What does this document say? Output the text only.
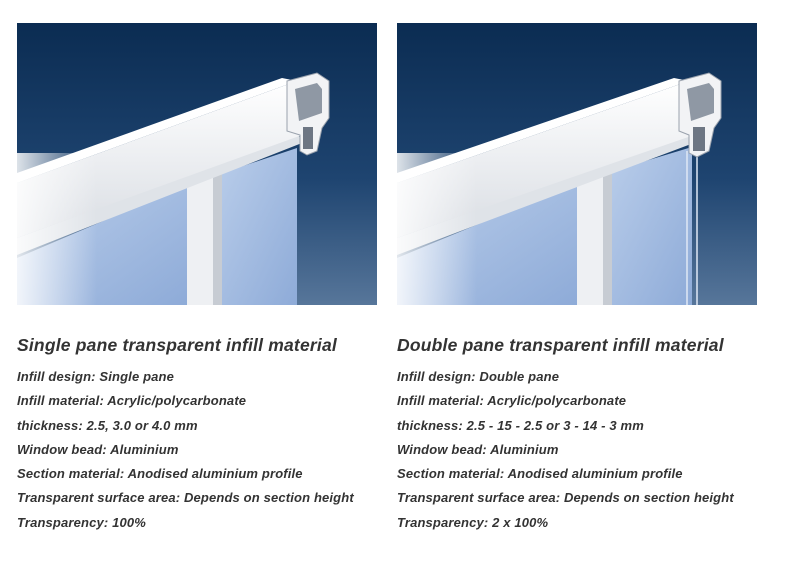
Single pane transparent infill material
Infill design: Single pane
Infill material: Acrylic/polycarbonate
thickness: 2.5, 3.0 or 4.0 mm
Window bead: Aluminium
Section material: Anodised aluminium profile
Transparent surface area: Depends on section height
Transparency: 100%
Double pane transparent infill material
Infill design: Double pane
Infill material: Acrylic/polycarbonate
thickness: 2.5 - 15 - 2.5 or 3 - 14 - 3 mm
Window bead: Aluminium
Section material: Anodised aluminium profile
Transparent surface area: Depends on section height
Transparency: 2 x 100%
